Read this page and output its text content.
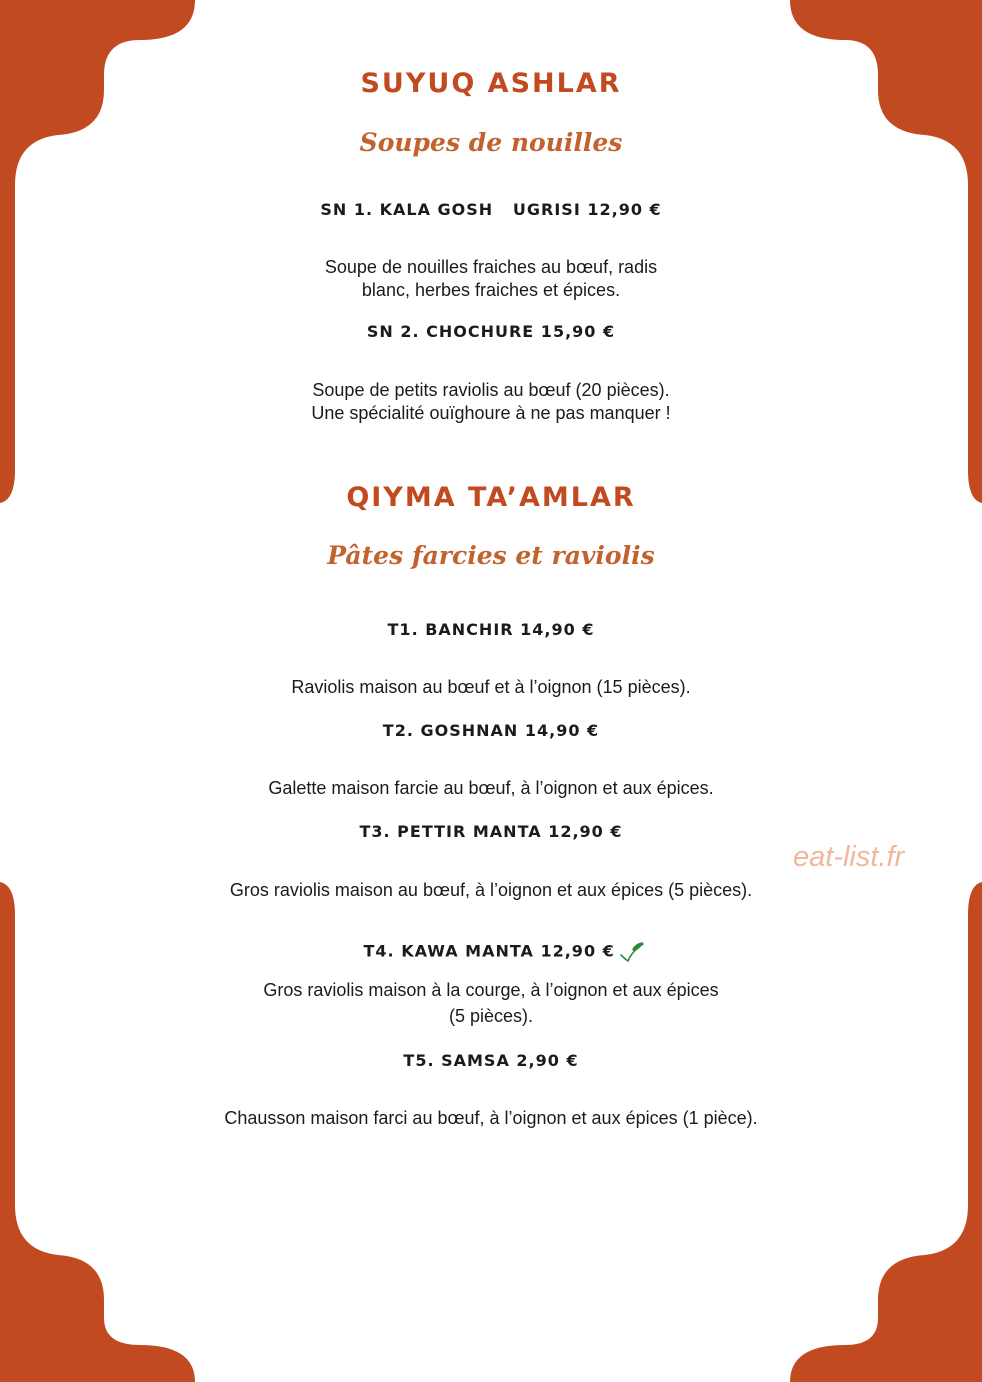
SUYUQ ASHLAR
Soupes de nouilles
SN 1. KALA GOSH   UGRISI 12,90 €
Soupe de nouilles fraiches au bœuf, radis
blanc, herbes fraiches et épices.
SN 2. CHOCHURE 15,90 €
Soupe de petits raviolis au bœuf (20 pièces).
Une spécialité ouïghoure à ne pas manquer !
QIYMA TA’AMLAR
Pâtes farcies et raviolis
T1. BANCHIR 14,90 €
Raviolis maison au bœuf et à l’oignon (15 pièces).
T2. GOSHNAN 14,90 €
Galette maison farcie au bœuf, à l’oignon et aux épices.
T3. PETTIR MANTA 12,90 €
Gros raviolis maison au bœuf, à l’oignon et aux épices (5 pièces).

T4. KAWA MANTA 12,90 €

Gros raviolis maison à la courge, à l’oignon et aux épices
(5 pièces).
T5. SAMSA 2,90 €
Chausson maison farci au bœuf, à l’oignon et aux épices (1 pièce).
eat-list.fr
